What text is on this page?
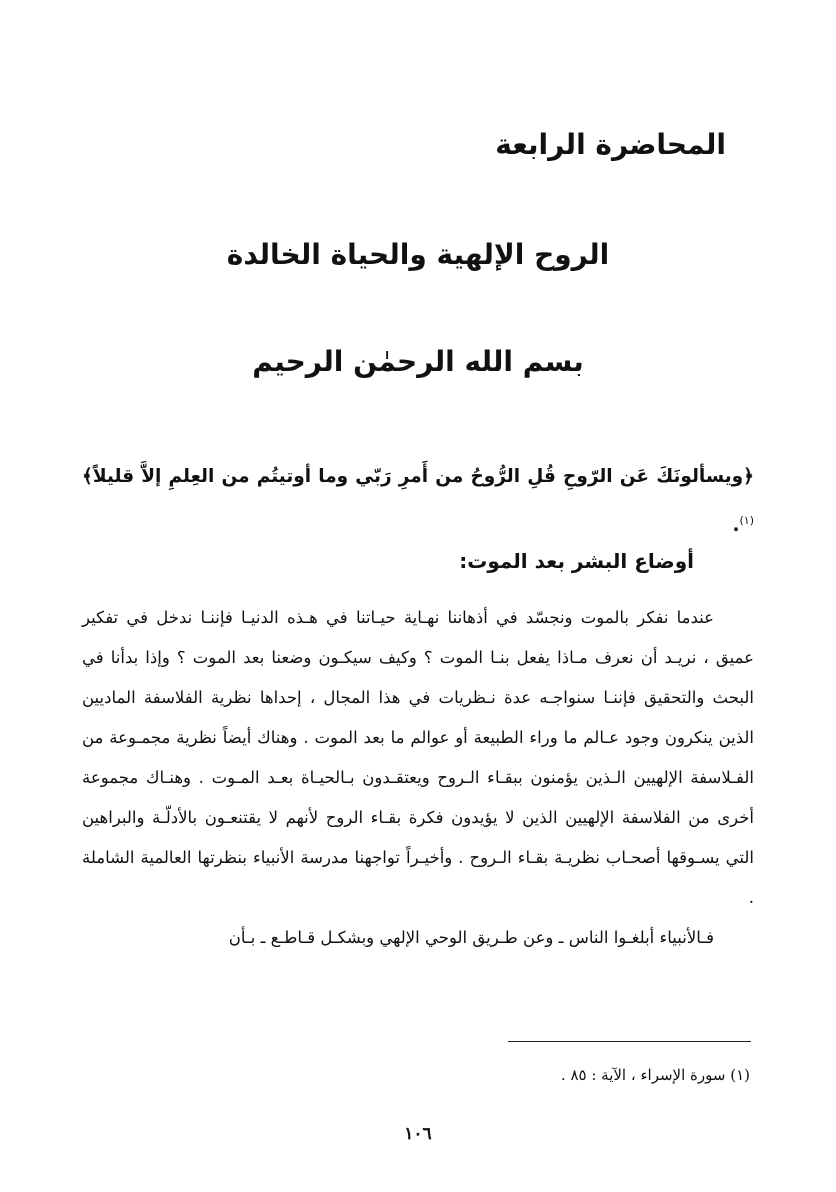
المحاضرة الرابعة
الروح الإلهية والحياة الخالدة
بسم الله الرحمٰن الرحيم

﴿ويسألونَكَ عَن الرّوحِ قُلِ الرُّوحُ من أَمرِ رَبّي وما أوتيتُم من العِلمِ إلاَّ قليلاً﴾$^{(١)}$.

أوضاع البشر بعد الموت:

عندما نفكر بالموت ونجسّد في أذهاننا نهـاية حيـاتنا في هـذه الدنيـا فإننـا ندخل في تفكير عميق ، نريـد أن نعرف مـاذا يفعل بنـا الموت ؟ وكيف سيكـون وضعنا بعد الموت ؟ وإذا بدأنا في البحث والتحقيق فإننـا سنواجـه عدة نـظريات في هذا المجال ، إحداها نظرية الفلاسفة الماديين الذين ينكرون وجود عـالم ما وراء الطبيعة أو عوالم ما بعد الموت . وهناك أيضاً نظرية مجمـوعة من الفـلاسفة الإلهيين الـذين يؤمنون ببقـاء الـروح ويعتقـدون بـالحيـاة بعـد المـوت . وهنـاك مجموعة أخرى من الفلاسفة الإلهيين الذين لا يؤيدون فكرة بقـاء الروح لأنهم لا يقتنعـون بالأدلّـة والبراهين التي يسـوقها أصحـاب نظريـة بقـاء الـروح . وأخيـراً تواجهنا مدرسة الأنبياء بنظرتها العالمية الشاملة .

فـالأنبياء أبلغـوا الناس ـ وعن طـريق الوحي الإلهي وبشكـل قـاطـع ـ بـأن

(١) سورة الإسراء ، الآية : ٨٥ .

١٠٦
